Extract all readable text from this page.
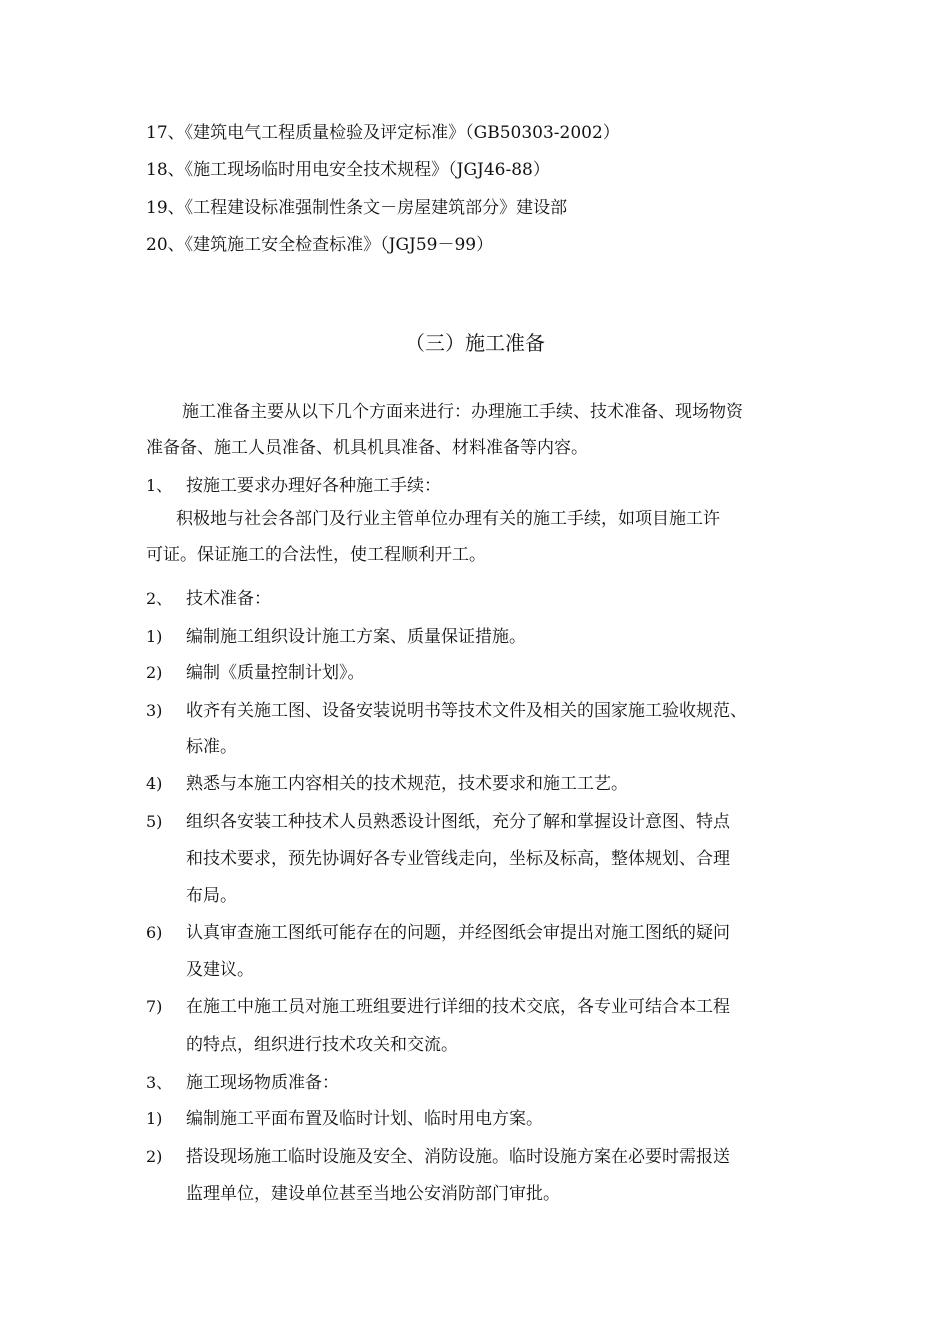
17、《建筑电气工程质量检验及评定标准》（GB50303-2002）
18、《施工现场临时用电安全技术规程》（JGJ46-88）
19、《工程建设标准强制性条文－房屋建筑部分》建设部
20、《建筑施工安全检查标准》（JGJ59－99）
（三）施工准备
施工准备主要从以下几个方面来进行：办理施工手续、技术准备、现场物资
准备备、施工人员准备、机具机具准备、材料准备等内容。
1、 按施工要求办理好各种施工手续：
积极地与社会各部门及行业主管单位办理有关的施工手续，如项目施工许
可证。保证施工的合法性，使工程顺利开工。
2、 技术准备：
1) 编制施工组织设计施工方案、质量保证措施。
2) 编制《质量控制计划》。
3) 收齐有关施工图、设备安装说明书等技术文件及相关的国家施工验收规范、
标准。
4) 熟悉与本施工内容相关的技术规范，技术要求和施工工艺。
5) 组织各安装工种技术人员熟悉设计图纸，充分了解和掌握设计意图、特点
和技术要求，预先协调好各专业管线走向，坐标及标高，整体规划、合理
布局。
6) 认真审查施工图纸可能存在的问题，并经图纸会审提出对施工图纸的疑问
及建议。
7) 在施工中施工员对施工班组要进行详细的技术交底，各专业可结合本工程
的特点，组织进行技术攻关和交流。
3、 施工现场物质准备：
1) 编制施工平面布置及临时计划、临时用电方案。
2) 搭设现场施工临时设施及安全、消防设施。临时设施方案在必要时需报送
监理单位，建设单位甚至当地公安消防部门审批。
